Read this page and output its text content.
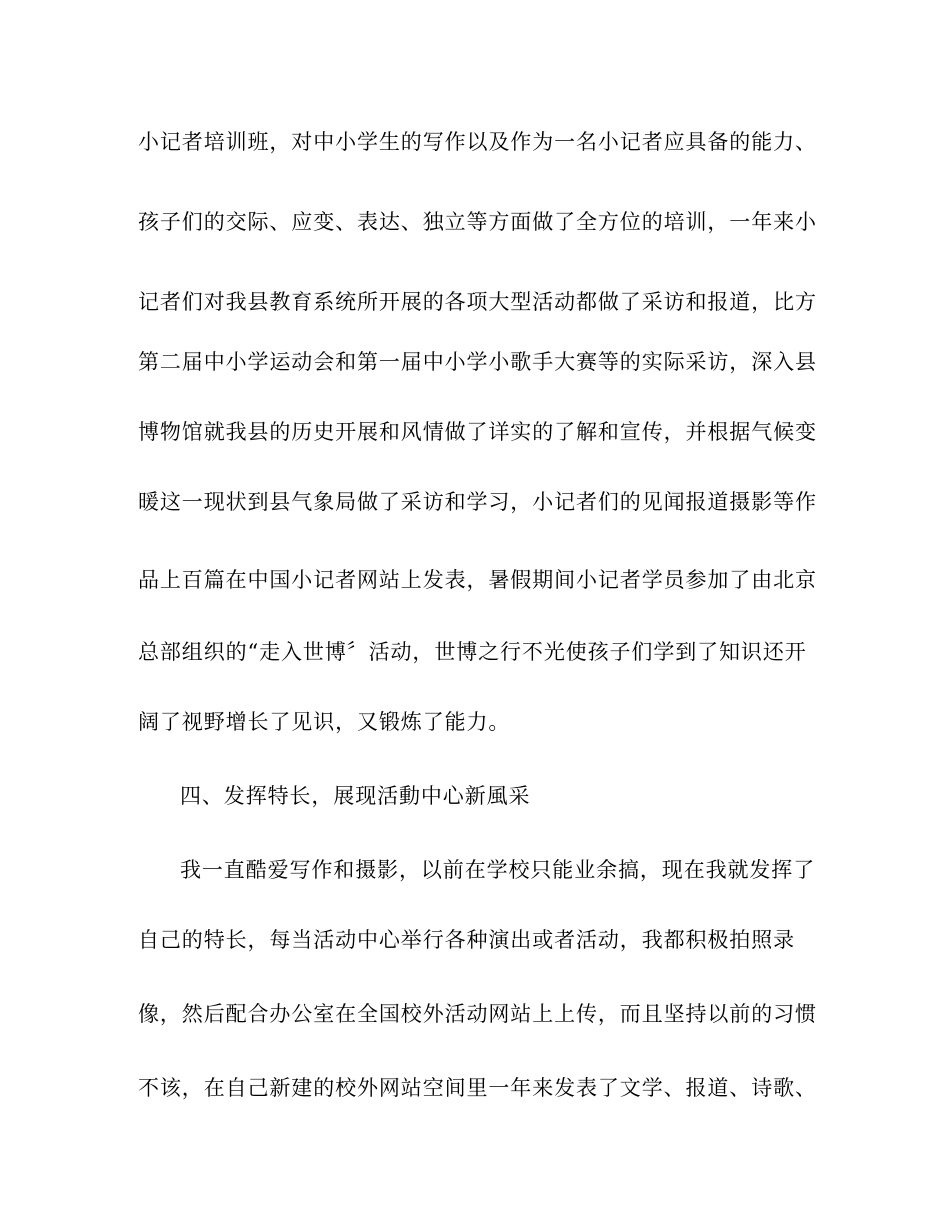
小记者培训班，对中小学生的写作以及作为一名小记者应具备的能力、
孩子们的交际、应变、表达、独立等方面做了全方位的培训，一年来小
记者们对我县教育系统所开展的各项大型活动都做了采访和报道，比方
第二届中小学运动会和第一届中小学小歌手大赛等的实际采访，深入县
博物馆就我县的历史开展和风情做了详实的了解和宣传，并根据气候变
暖这一现状到县气象局做了采访和学习，小记者们的见闻报道摄影等作
品上百篇在中国小记者网站上发表，暑假期间小记者学员参加了由北京
总部组织的“走入世博〞活动，世博之行不光使孩子们学到了知识还开
阔了视野增长了见识，又锻炼了能力。
四、发挥特长，展现活動中心新風采
我一直酷爱写作和摄影，以前在学校只能业余搞，现在我就发挥了
自己的特长，每当活动中心举行各种演出或者活动，我都积极拍照录
像，然后配合办公室在全国校外活动网站上上传，而且坚持以前的习惯
不该，在自己新建的校外网站空间里一年来发表了文学、报道、诗歌、
